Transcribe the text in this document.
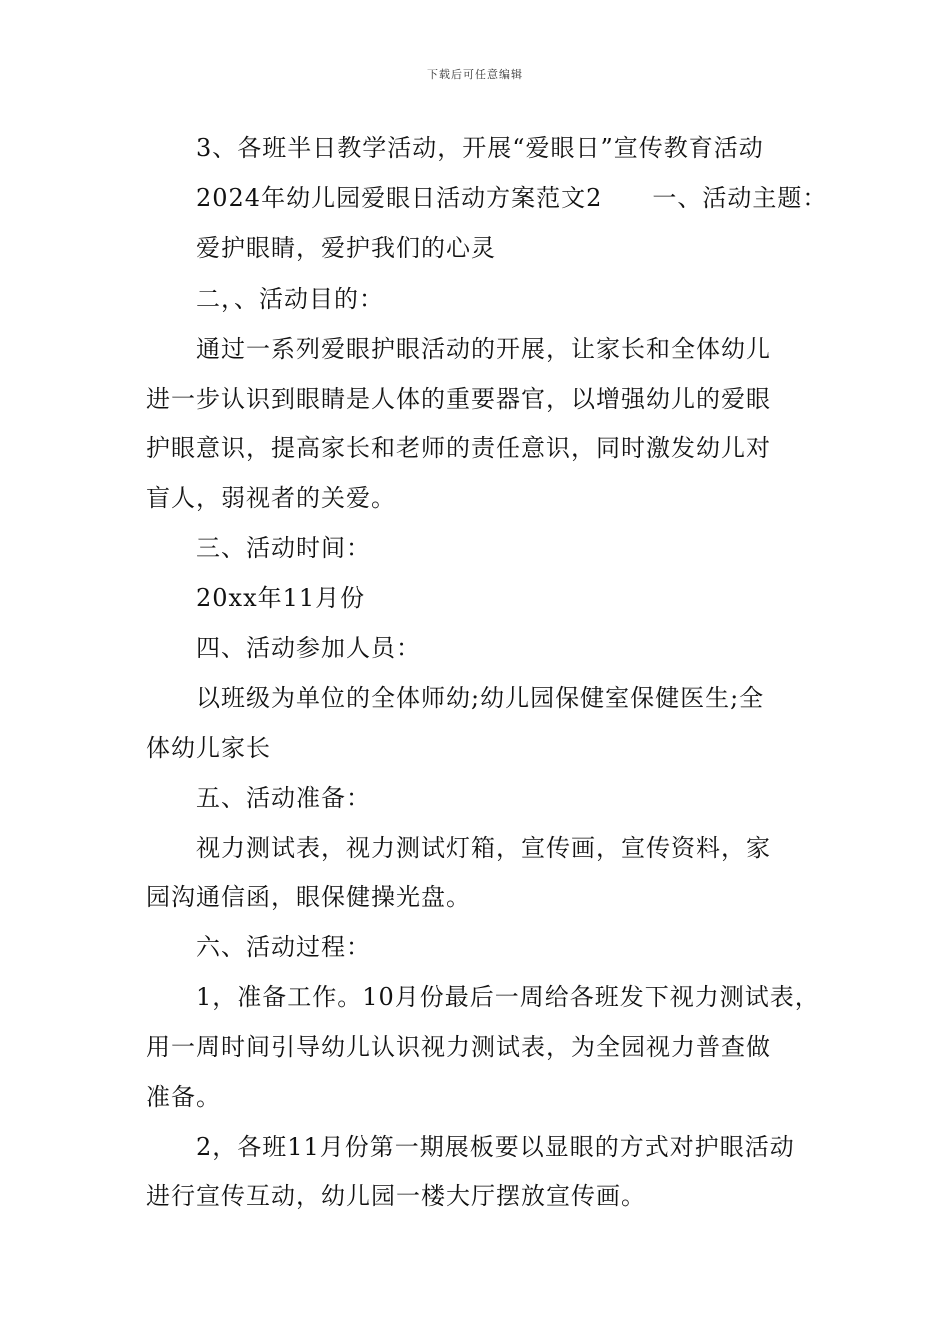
下载后可任意编辑
3、各班半日教学活动，开展“爱眼日”宣传教育活动
2024年幼儿园爱眼日活动方案范文2 一、活动主题：
爱护眼睛，爱护我们的心灵
二，、活动目的：
通过一系列爱眼护眼活动的开展，让家长和全体幼儿
进一步认识到眼睛是人体的重要器官，以增强幼儿的爱眼
护眼意识，提高家长和老师的责任意识，同时激发幼儿对
盲人，弱视者的关爱。
三、活动时间：
20xx年11月份
四、活动参加人员：
以班级为单位的全体师幼;幼儿园保健室保健医生;全
体幼儿家长
五、活动准备：
视力测试表，视力测试灯箱，宣传画，宣传资料，家
园沟通信函，眼保健操光盘。
六、活动过程：
1，准备工作。10月份最后一周给各班发下视力测试表，
用一周时间引导幼儿认识视力测试表，为全园视力普查做
准备。
2，各班11月份第一期展板要以显眼的方式对护眼活动
进行宣传互动，幼儿园一楼大厅摆放宣传画。
